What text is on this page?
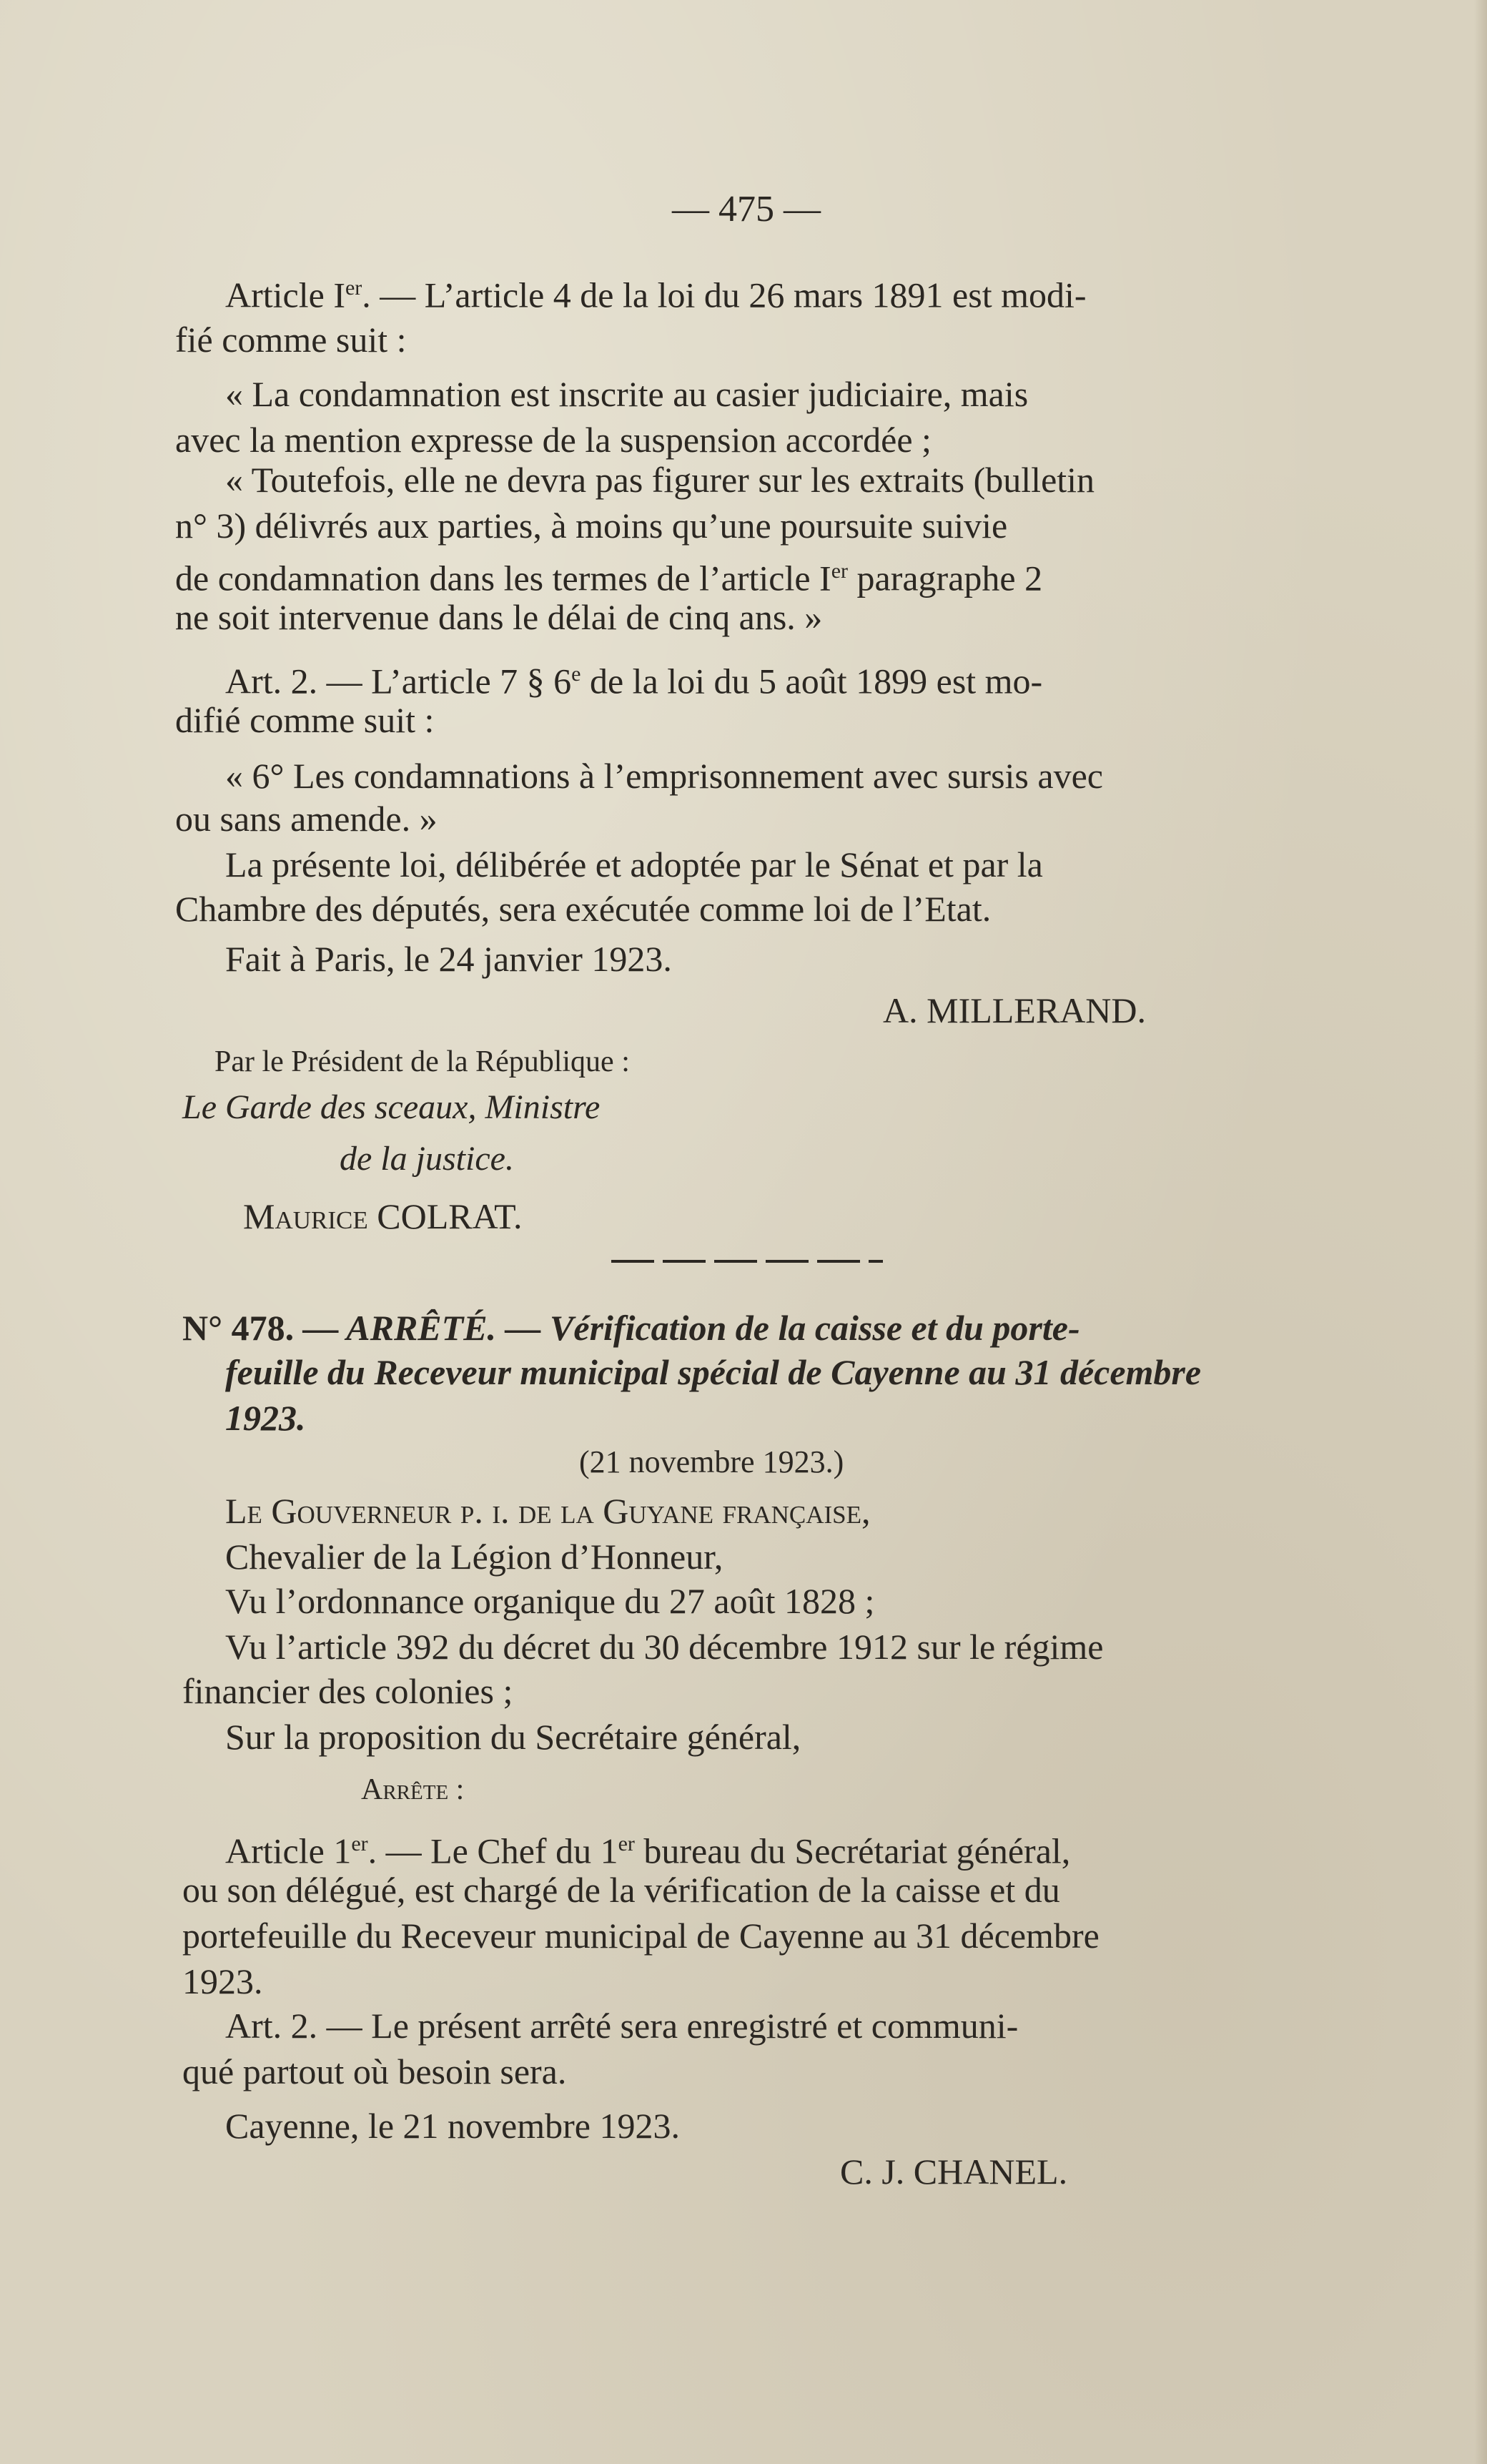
— 475 —
Article Ier. — L’article 4 de la loi du 26 mars 1891 est modi-
fié comme suit :
« La condamnation est inscrite au casier judiciaire, mais
avec la mention expresse de la suspension accordée ;
« Toutefois, elle ne devra pas figurer sur les extraits (bulletin
n° 3) délivrés aux parties, à moins qu’une poursuite suivie
de condamnation dans les termes de l’article Ier paragraphe 2
ne soit intervenue dans le délai de cinq ans. »
Art. 2. — L’article 7 § 6e de la loi du 5 août 1899 est mo-
difié comme suit :
« 6° Les condamnations à l’emprisonnement avec sursis avec
ou sans amende. »
La présente loi, délibérée et adoptée par le Sénat et par la
Chambre des députés, sera exécutée comme loi de l’Etat.
Fait à Paris, le 24 janvier 1923.
A. MILLERAND.
Par le Président de la République :
Le Garde des sceaux, Ministre
de la justice.
Maurice COLRAT.
N° 478. — ARRÊTÉ. — Vérification de la caisse et du porte-
feuille du Receveur municipal spécial de Cayenne au 31 décembre
1923.
(21 novembre 1923.)
Le Gouverneur p. i. de la Guyane française,
Chevalier de la Légion d’Honneur,
Vu l’ordonnance organique du 27 août 1828 ;
Vu l’article 392 du décret du 30 décembre 1912 sur le régime
financier des colonies ;
Sur la proposition du Secrétaire général,
Arrête :
Article 1er. — Le Chef du 1er bureau du Secrétariat général,
ou son délégué, est chargé de la vérification de la caisse et du
portefeuille du Receveur municipal de Cayenne au 31 décembre
1923.
Art. 2. — Le présent arrêté sera enregistré et communi-
qué partout où besoin sera.
Cayenne, le 21 novembre 1923.
C. J. CHANEL.
